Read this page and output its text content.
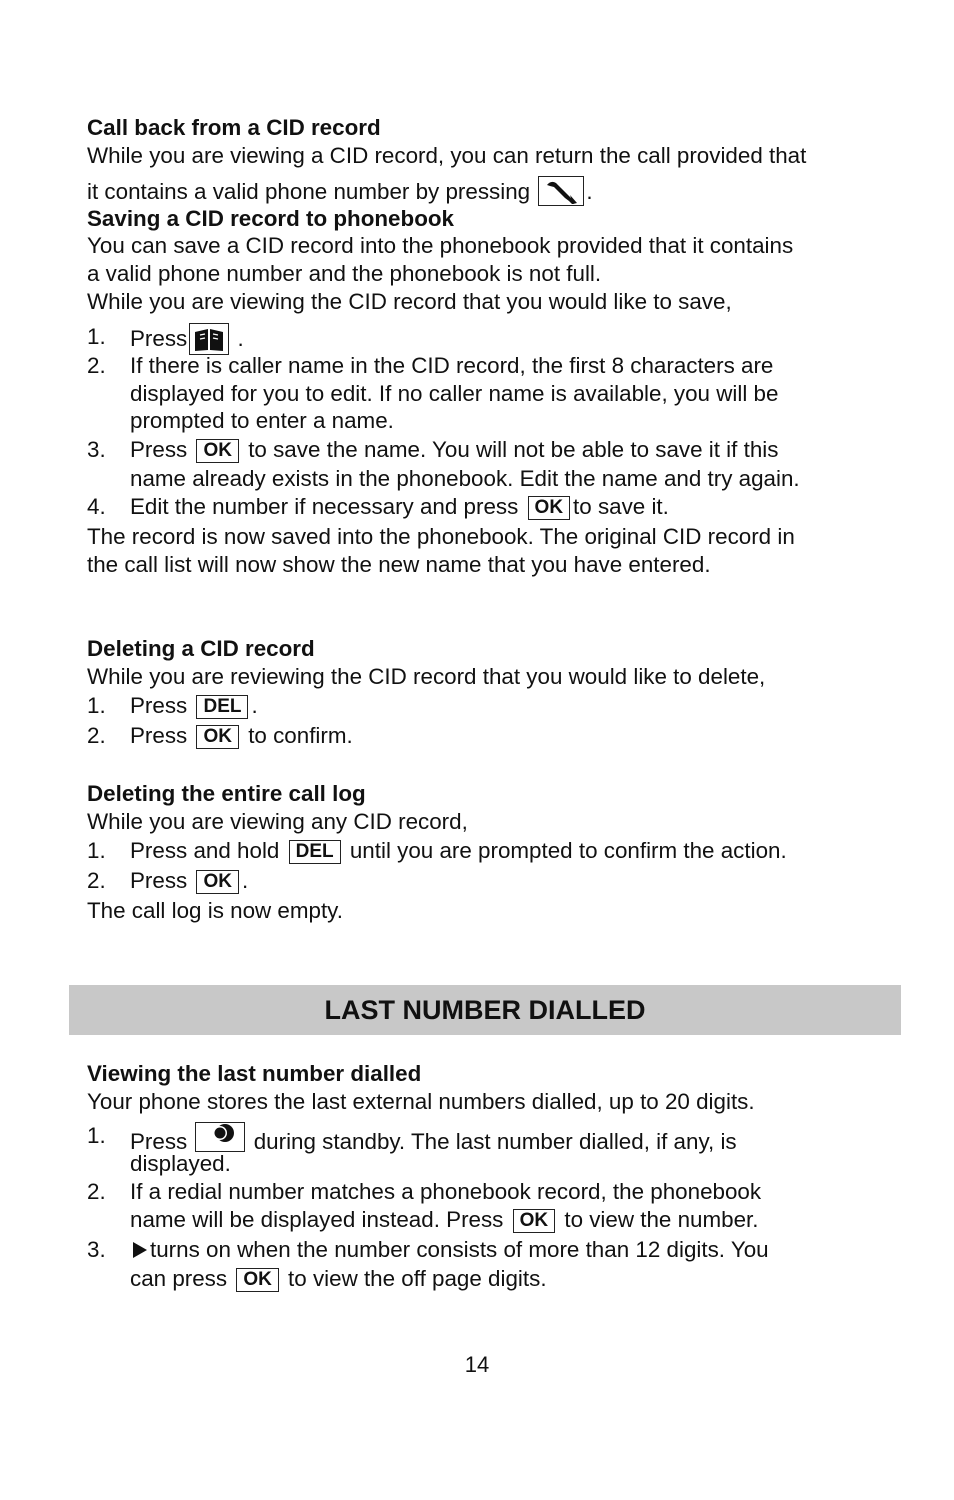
Call back from a CID record
While you are viewing a CID record, you can return the call provided that
it contains a valid phone number by pressing	.
Saving a CID record to phonebook
You can save a CID record into the phonebook provided that it contains
a valid phone number and the phonebook is not full.
While you are viewing the CID record that you would like to save,
1. Press .
2. If there is caller name in the CID record, the first 8 characters are
displayed for you to edit. If no caller name is available, you will be
prompted to enter a name.
3. Press OK to save the name. You will not be able to save it if this
name already exists in the phonebook. Edit the name and try again.
4. Edit the number if necessary and press OK to save it.
The record is now saved into the phonebook. The original CID record in
the call list will now show the new name that you have entered.
Deleting a CID record
While you are reviewing the CID record that you would like to delete,
1. Press DEL .
2. Press OK to confirm.
Deleting the entire call log
While you are viewing any CID record,
1. Press and hold DEL until you are prompted to confirm the action.
2. Press OK .
The call log is now empty.
LAST NUMBER DIALLED
Viewing the last number dialled
Your phone stores the last external numbers dialled, up to 20 digits.
1. Press	during standby. The last number dialled, if any, is
displayed.
2. If a redial number matches a phonebook record, the phonebook
name will be displayed instead. Press OK to view the number.
3.	turns on when the number consists of more than 12 digits. You
can press OK to view the off page digits.
14
